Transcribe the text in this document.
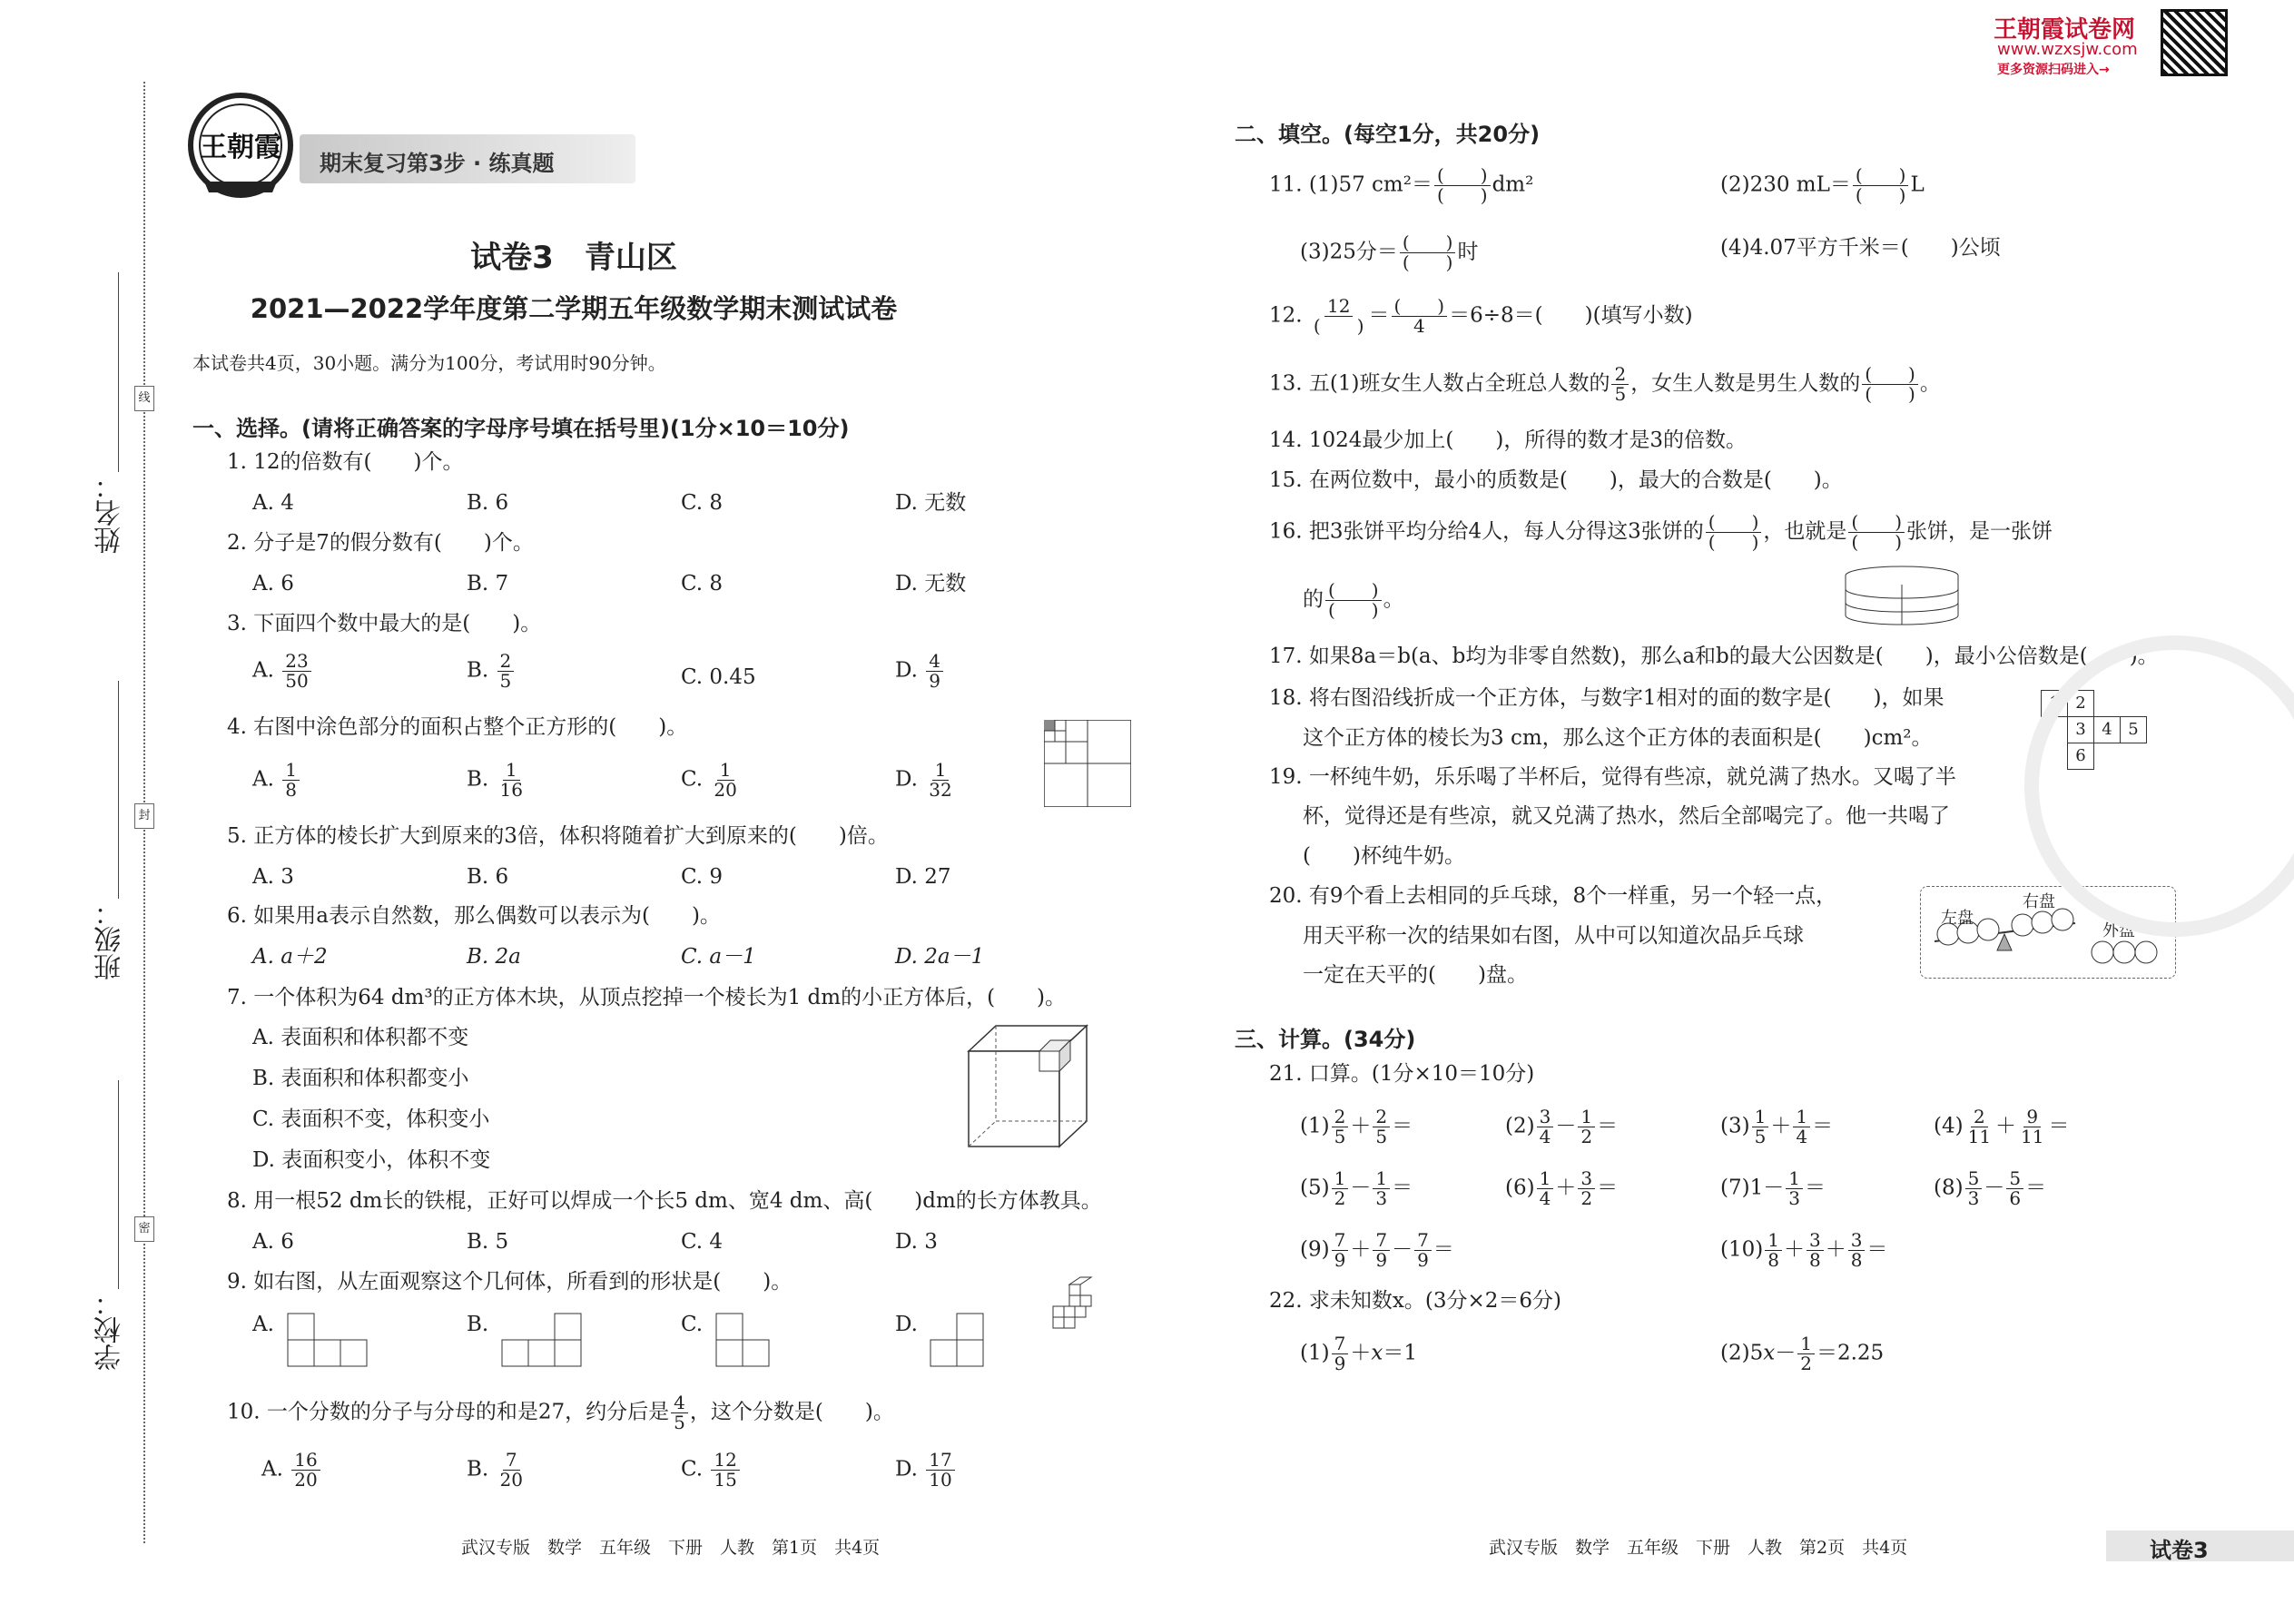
姓名：
班级：
学校：
线
封
密
王朝霞 期末复习第3步 · 练真题
试卷3　青山区
2021—2022学年度第二学期五年级数学期末测试试卷
本试卷共4页，30小题。满分为100分，考试用时90分钟。
王朝霞试卷网
www.wzxsjw.com
更多资源扫码进入→
一、选择。(请将正确答案的字母序号填在括号里)(1分×10＝10分)
1. 12的倍数有(　　)个。
A. 4	B. 6	C. 8	D. 无数
2. 分子是7的假分数有(　　)个。
A. 6	B. 7	C. 8	D. 无数
3. 下面四个数中最大的是(　　)。
A. $\frac{23}{50}$	B. $\frac{2}{5}$	C. 0.45	D. $\frac{4}{9}$
4. 右图中涂色部分的面积占整个正方形的(　　)。
A. $\frac{1}{8}$	B. $\frac{1}{16}$	C. $\frac{1}{20}$	D. $\frac{1}{32}$
5. 正方体的棱长扩大到原来的3倍，体积将随着扩大到原来的(　　)倍。
A. 3	B. 6	C. 9	D. 27
6. 如果用a表示自然数，那么偶数可以表示为(　　)。
A. a＋2	B. 2a	C. a－1	D. 2a－1
7. 一个体积为64 dm³的正方体木块，从顶点挖掉一个棱长为1 dm的小正方体后，(　　)。
A. 表面积和体积都不变
B. 表面积和体积都变小
C. 表面积不变，体积变小
D. 表面积变小，体积不变
8. 用一根52 dm长的铁棍，正好可以焊成一个长5 dm、宽4 dm、高(　　)dm的长方体教具。
A. 6	B. 5	C. 4	D. 3
9. 如右图，从左面观察这个几何体，所看到的形状是(　　)。
A.	B.	C.	D.
10. 一个分数的分子与分母的和是27，约分后是 $\frac{4}{5}$ ，这个分数是(　　)。
A. $\frac{16}{20}$	B. $\frac{7}{20}$	C. $\frac{12}{15}$	D. $\frac{17}{10}$
武汉专版　数学　五年级　下册　人教　第1页　共4页
二、填空。(每空1分，共20分)
11. (1)57 $cm^2= \frac{( )}{( )} dm^2$	(2)230 $mL= \frac{( )}{( )}$ L
(3)25分＝ $\frac{( )}{( )}$ 时	(4)4.07平方千米＝(　　)公顷
12. $\frac{12}{( )} = \frac{( )}{4} =6\div 8=$(　　)(填写小数)
13. 五(1)班女生人数占全班总人数的 $\frac{2}{5}$ ，女生人数是男生人数的 $\frac{( )}{( )}$ 。
14. 1024最少加上(　　)，所得的数才是3的倍数。
15. 在两位数中，最小的质数是(　　)，最大的合数是(　　)。
16. 把3张饼平均分给4人，每人分得这3张饼的 $\frac{( )}{( )}$ ，也就是 $\frac{( )}{( )}$ 张饼，是一张饼
的 $\frac{( )}{( )}$ 。
17. 如果8a＝b(a、b均为非零自然数)，那么a和b的最大公因数是(　　)，最小公倍数是(　　)。
18. 将右图沿线折成一个正方体，与数字1相对的面的数字是(　　)，如果
这个正方体的棱长为3 cm，那么这个正方体的表面积是(　　)cm²。
1 2
3 4 5
6
19. 一杯纯牛奶，乐乐喝了半杯后，觉得有些凉，就兑满了热水。又喝了半
杯，觉得还是有些凉，就又兑满了热水，然后全部喝完了。他一共喝了
(　　)杯纯牛奶。
20. 有9个看上去相同的乒乓球，8个一样重，另一个轻一点，
用天平称一次的结果如右图，从中可以知道次品乒乓球
一定在天平的(　　)盘。
左盘
右盘
外盘
三、计算。(34分)
21. 口算。(1分×10＝10分)
$(1) \frac{2}{5} + \frac{2}{5}$ ＝	$(2) \frac{3}{4} - \frac{1}{2}$ ＝	$(3) \frac{1}{5} + \frac{1}{4}$ ＝	$(4) \frac{2}{11} + \frac{9}{11}$ ＝
$(5) \frac{1}{2} - \frac{1}{3}$ ＝	$(6) \frac{1}{4} + \frac{3}{2}$ ＝	$(7)1- \frac{1}{3}$ ＝	$(8) \frac{5}{3} - \frac{5}{6}$ ＝
$(9) \frac{7}{9} + \frac{7}{9} - \frac{7}{9}$ ＝	$(10) \frac{1}{8} + \frac{3}{8} + \frac{3}{8}$ ＝
22. 求未知数x。(3分×2＝6分)
$(1) \frac{7}{9} +x=1$	$(2)5x- \frac{1}{2} =2.25$
武汉专版　数学　五年级　下册　人教　第2页　共4页	试卷3
